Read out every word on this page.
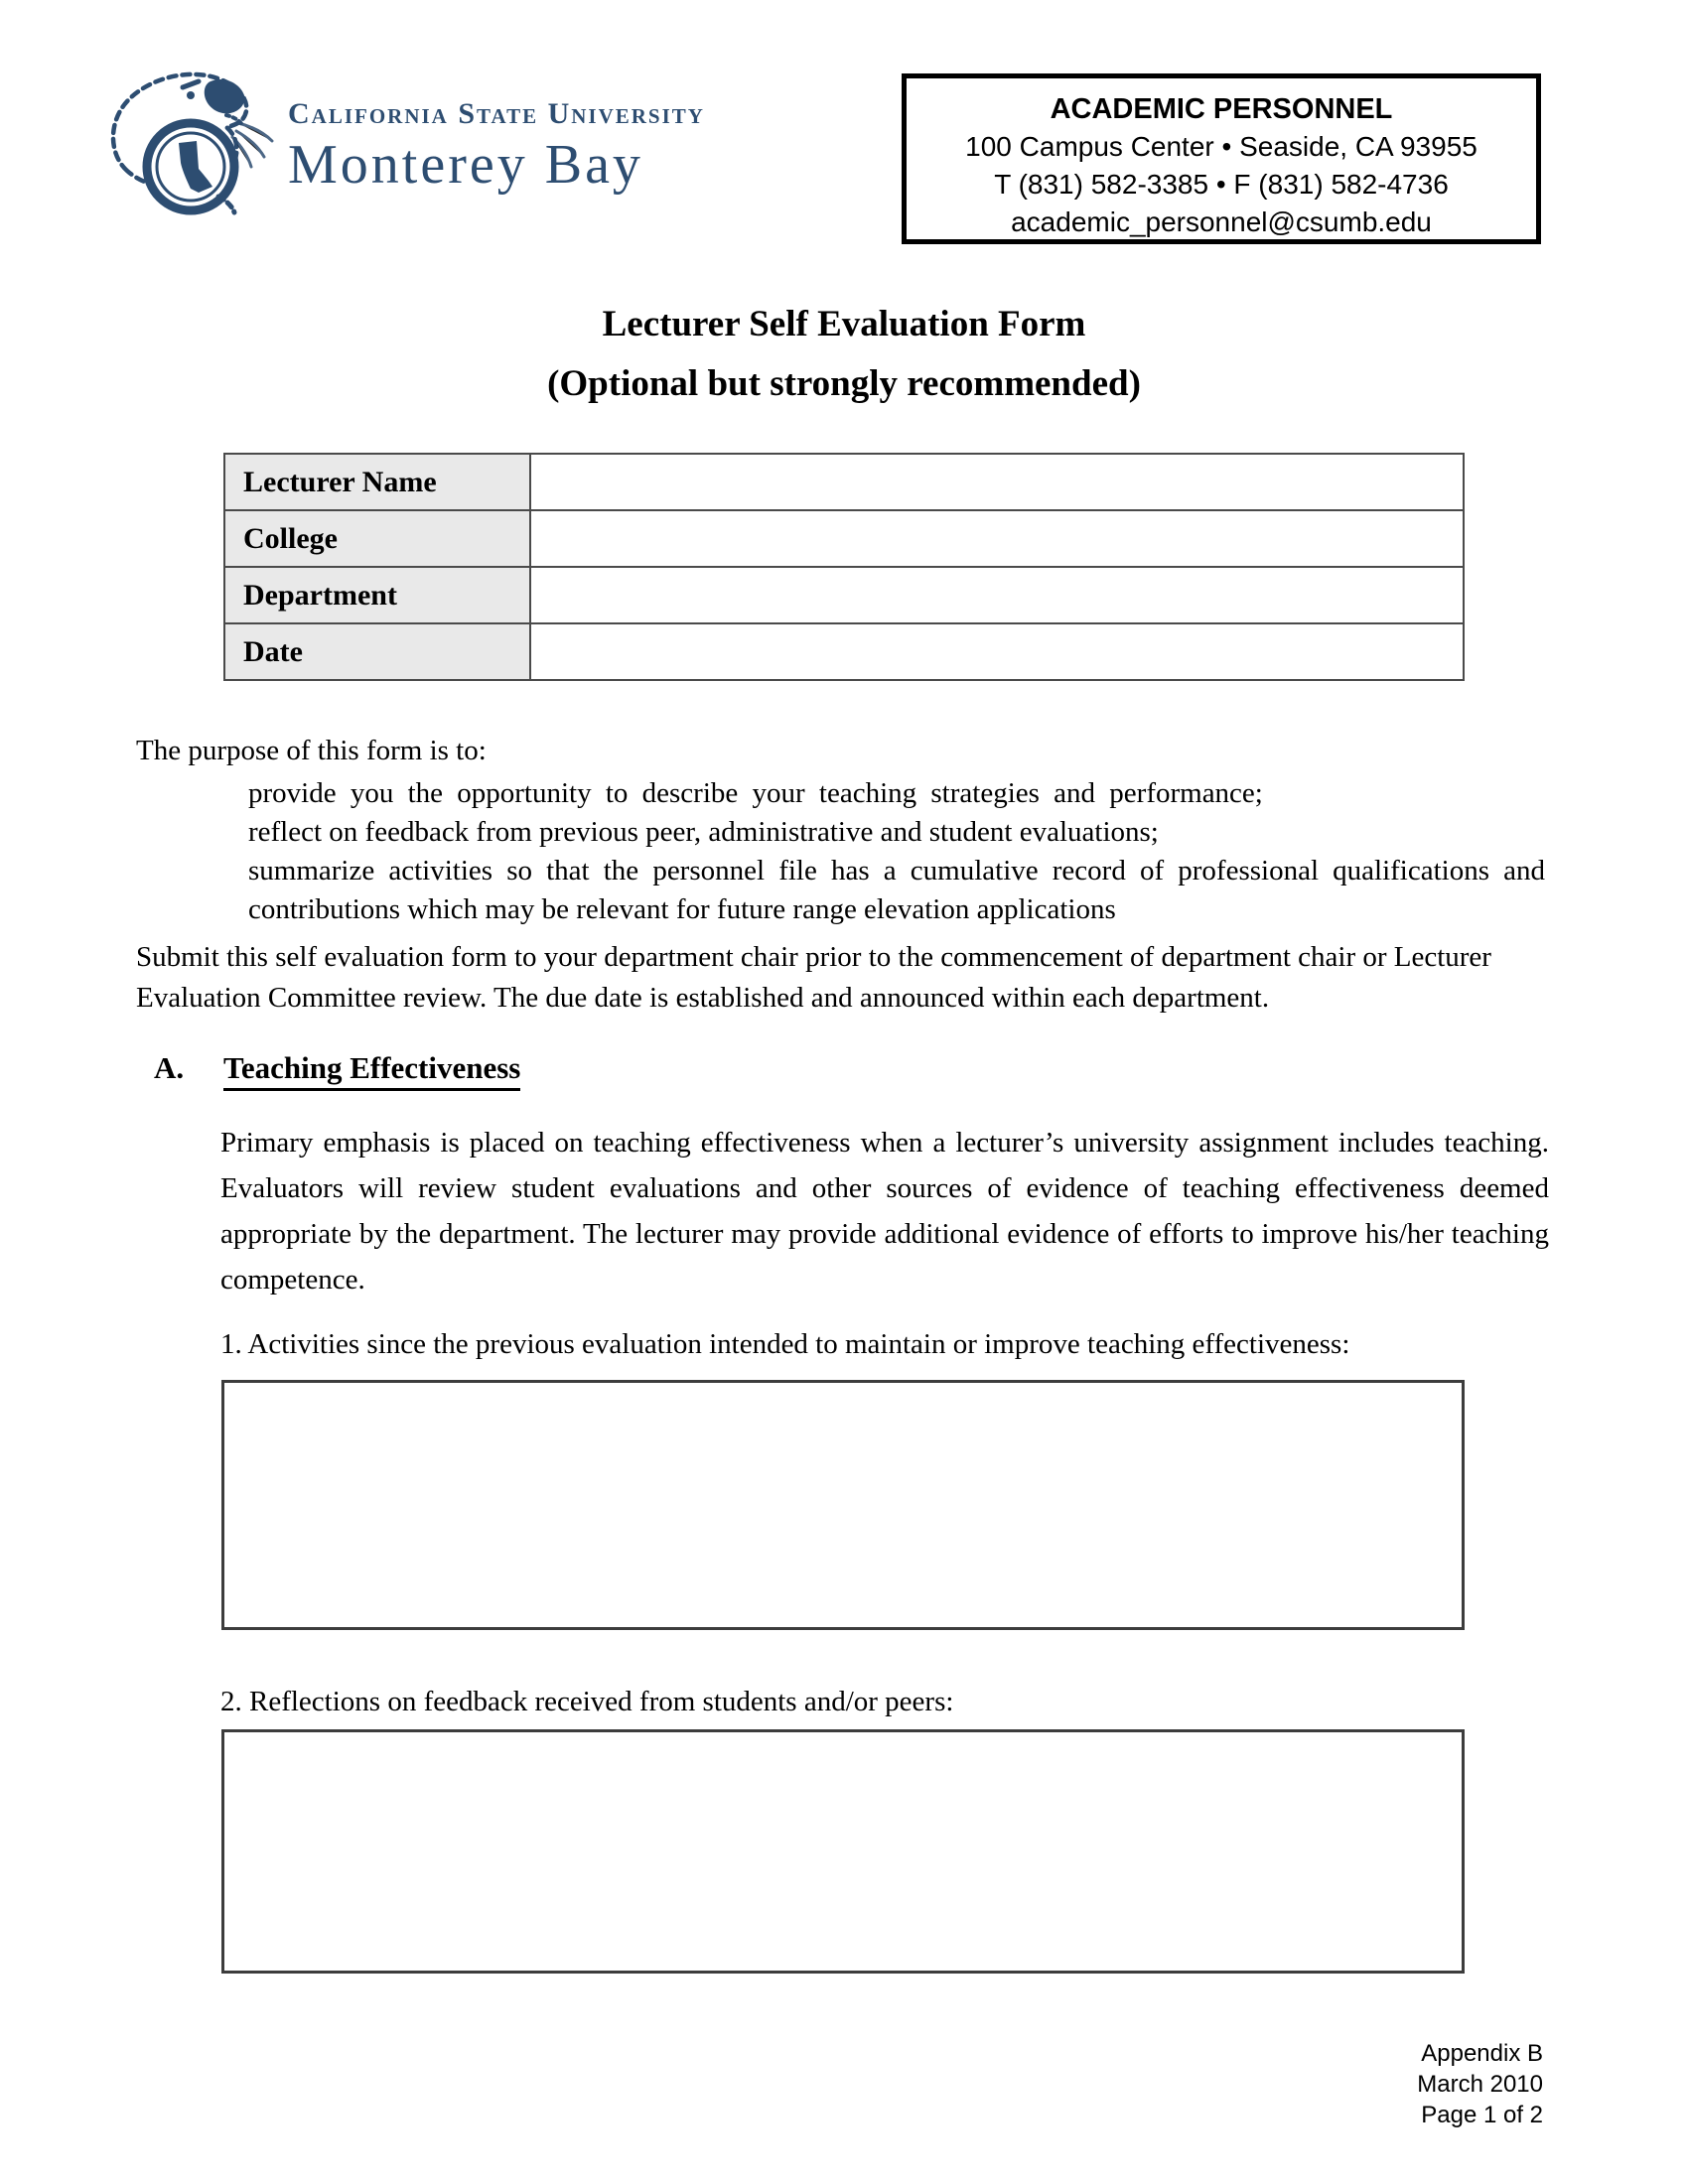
California State University
Monterey Bay
ACADEMIC PERSONNEL
100 Campus Center • Seaside, CA 93955
T (831) 582-3385 • F (831) 582-4736
academic_personnel@csumb.edu
Lecturer Self Evaluation Form
(Optional but strongly recommended)
Lecturer Name	
College	
Department	
Date	
The purpose of this form is to:
provide you the opportunity to describe your teaching strategies and performance;
reflect on feedback from previous peer, administrative and student evaluations;
summarize activities so that the personnel file has a cumulative record of professional qualifications and contributions which may be relevant for future range elevation applications
Submit this self evaluation form to your department chair prior to the commencement of department chair or Lecturer Evaluation Committee review. The due date is established and announced within each department.
A. Teaching Effectiveness
Primary emphasis is placed on teaching effectiveness when a lecturer’s university assignment includes teaching. Evaluators will review student evaluations and other sources of evidence of teaching effectiveness deemed appropriate by the department. The lecturer may provide additional evidence of efforts to improve his/her teaching competence.
1. Activities since the previous evaluation intended to maintain or improve teaching effectiveness:
2. Reflections on feedback received from students and/or peers:
Appendix B
March 2010
Page 1 of 2
